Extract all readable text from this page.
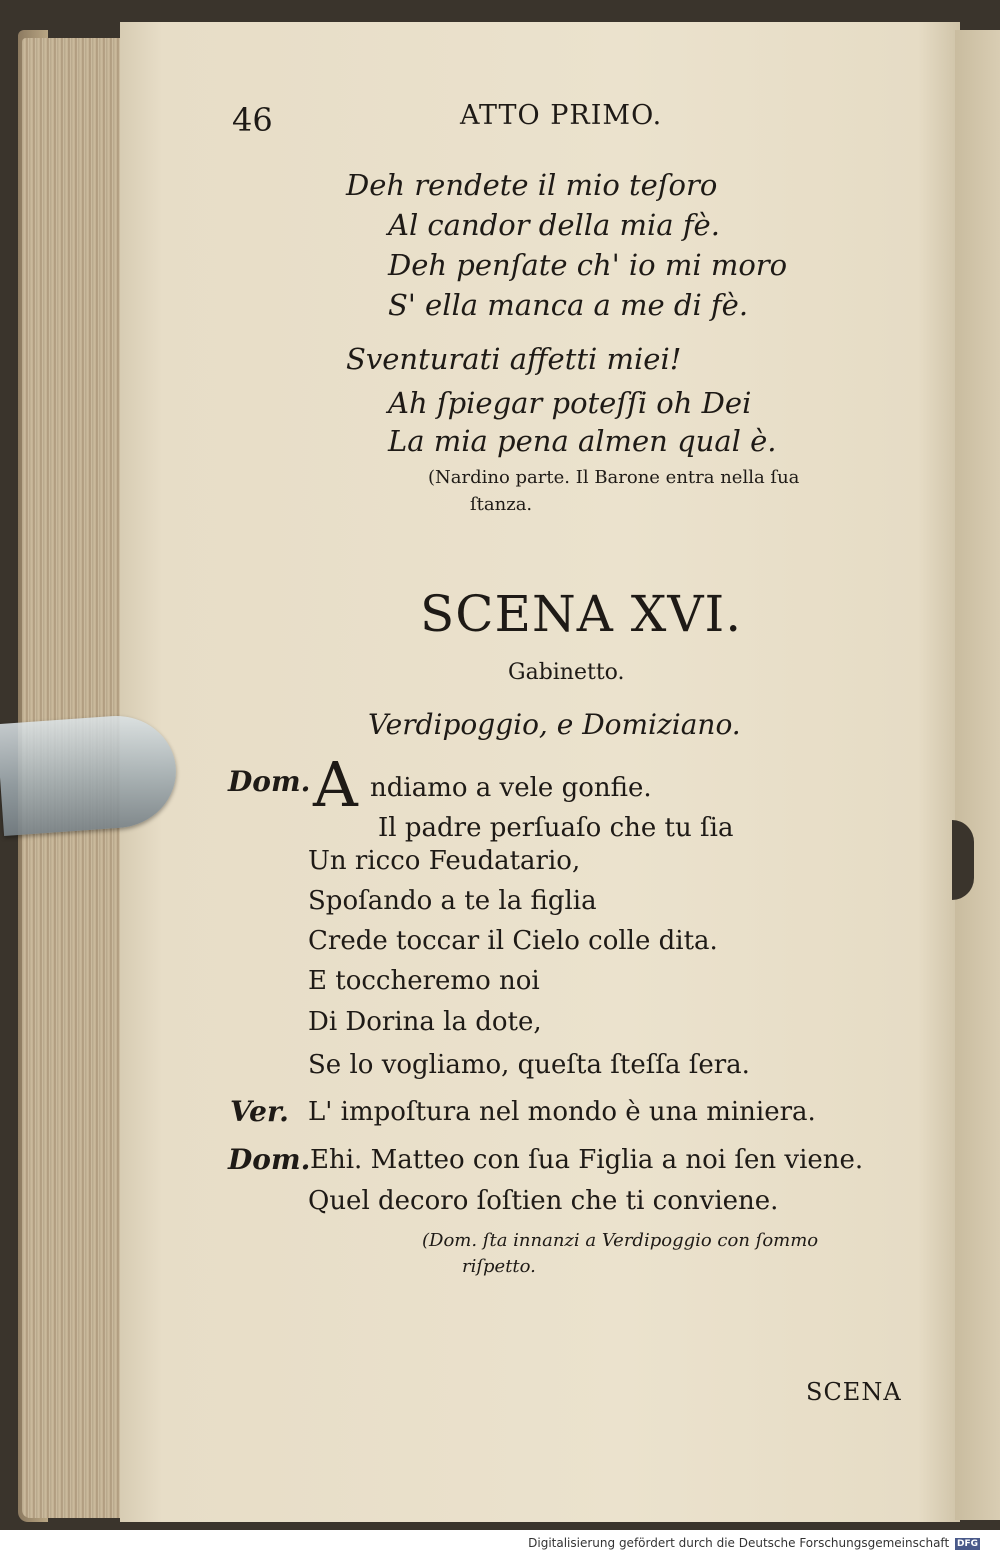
46	ATTO PRIMO.
Deh rendete il mio teſoro
Al candor della mia fè.
Deh penſate ch' io mi moro
S' ella manca a me di fè.
Sventurati affetti miei!
Ah ſpiegar poteſſi oh Dei
La mia pena almen qual è.
(Nardino parte. Il Barone entra nella ſua
ſtanza.
SCENA XVI.
Gabinetto.
Verdipoggio, e Domiziano.
Dom. A ndiamo a vele gonfie.
Il padre perſuaſo che tu ſia
Un ricco Feudatario,
Spoſando a te la figlia
Crede toccar il Cielo colle dita.
E toccheremo noi
Di Dorina la dote,
Se lo vogliamo, queſta ſteſſa ſera.
Ver. L' impoſtura nel mondo è una miniera.
Dom. Ehi. Matteo con ſua Figlia a noi ſen viene.
Quel decoro ſoſtien che ti conviene.
(Dom. ſta innanzi a Verdipoggio con ſommo
riſpetto.
SCENA
Digitalisierung gefördert durch die Deutsche Forschungsgemeinschaft DFG
